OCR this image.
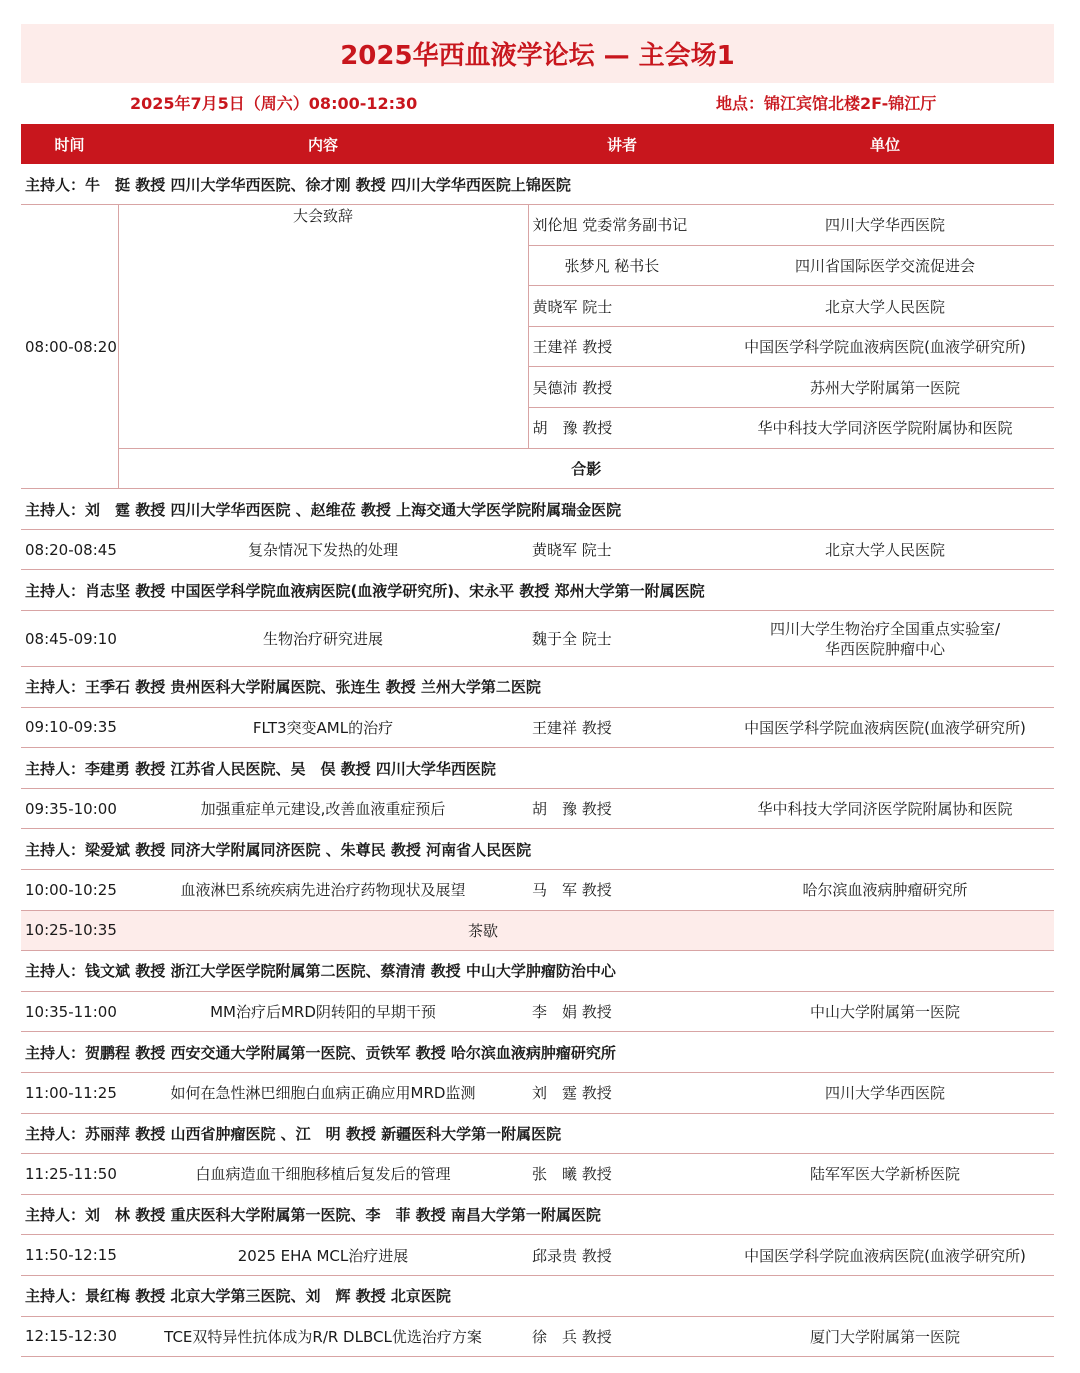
2025华西血液学论坛 — 主会场1
2025年7月5日（周六）08:00-12:30	地点：锦江宾馆北楼2F-锦江厅
时间	内容	讲者	单位
主持人：牛　挺 教授 四川大学华西医院、徐才刚 教授 四川大学华西医院上锦医院			
08:00-08:20	大会致辞	刘伦旭 党委常务副书记	四川大学华西医院
		张梦凡 秘书长	四川省国际医学交流促进会
		黄晓军 院士	北京大学人民医院
		王建祥 教授	中国医学科学院血液病医院(血液学研究所)
		吴德沛 教授	苏州大学附属第一医院
		胡　豫 教授	华中科技大学同济医学院附属协和医院
	合影		
主持人：刘　霆 教授 四川大学华西医院 、赵维莅 教授 上海交通大学医学院附属瑞金医院			
08:20-08:45	复杂情况下发热的处理	黄晓军 院士	北京大学人民医院
主持人：肖志坚 教授 中国医学科学院血液病医院(血液学研究所)、宋永平 教授 郑州大学第一附属医院			
08:45-09:10	生物治疗研究进展	魏于全 院士	四川大学生物治疗全国重点实验室/
华西医院肿瘤中心
主持人：王季石 教授 贵州医科大学附属医院、张连生 教授 兰州大学第二医院			
09:10-09:35	FLT3突变AML的治疗	王建祥 教授	中国医学科学院血液病医院(血液学研究所)
主持人：李建勇 教授 江苏省人民医院、吴　俣 教授 四川大学华西医院			
09:35-10:00	加强重症单元建设,改善血液重症预后	胡　豫 教授	华中科技大学同济医学院附属协和医院
主持人：梁爱斌 教授 同济大学附属同济医院 、朱尊民 教授 河南省人民医院			
10:00-10:25	血液淋巴系统疾病先进治疗药物现状及展望	马　军 教授	哈尔滨血液病肿瘤研究所
10:25-10:35	茶歇		
主持人：钱文斌 教授 浙江大学医学院附属第二医院、蔡清清 教授 中山大学肿瘤防治中心			
10:35-11:00	MM治疗后MRD阴转阳的早期干预	李　娟 教授	中山大学附属第一医院
主持人：贺鹏程 教授 西安交通大学附属第一医院、贡铁军 教授 哈尔滨血液病肿瘤研究所			
11:00-11:25	如何在急性淋巴细胞白血病正确应用MRD监测	刘　霆 教授	四川大学华西医院
主持人：苏丽萍 教授 山西省肿瘤医院 、江　明 教授 新疆医科大学第一附属医院			
11:25-11:50	白血病造血干细胞移植后复发后的管理	张　曦 教授	陆军军医大学新桥医院
主持人：刘　林 教授 重庆医科大学附属第一医院、李　菲 教授 南昌大学第一附属医院			
11:50-12:15	2025 EHA MCL治疗进展	邱录贵 教授	中国医学科学院血液病医院(血液学研究所)
主持人：景红梅 教授 北京大学第三医院、刘　辉 教授 北京医院			
12:15-12:30	TCE双特异性抗体成为R/R DLBCL优选治疗方案	徐　兵 教授	厦门大学附属第一医院
